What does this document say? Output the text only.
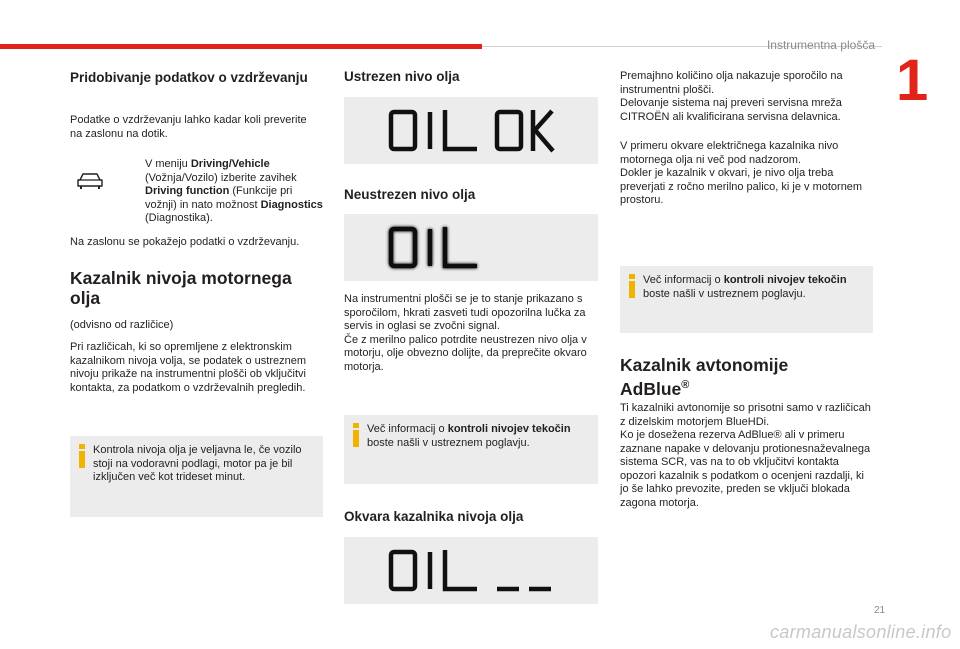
Instrumentna plošča
1
Pridobivanje podatkov o vzdrževanju

Podatke o vzdrževanju lahko kadar koli preverite na zaslonu na dotik.

V meniju Driving/Vehicle (Vožnja/Vozilo) izberite zavihek Driving function (Funkcije pri vožnji) in nato možnost Diagnostics (Diagnostika).

Na zaslonu se pokažejo podatki o vzdrževanju.

Kazalnik nivoja motornega olja

(odvisno od različice)

Pri različicah, ki so opremljene z elektronskim kazalnikom nivoja volja, se podatek o ustreznem nivoju prikaže na instrumentni plošči ob vključitvi kontakta, za podatkom o vzdrževalnih pregledih.

Kontrola nivoja olja je veljavna le, če vozilo stoji na vodoravni podlagi, motor pa je bil izključen več kot trideset minut.
Ustrezen nivo olja
Neustrezen nivo olja

Na instrumentni plošči se je to stanje prikazano s sporočilom, hkrati zasveti tudi opozorilna lučka za servis in oglasi se zvočni signal.
Če z merilno palico potrdite neustrezen nivo olja v motorju, olje obvezno dolijte, da preprečite okvaro motorja.

Več informacij o kontroli nivojev tekočin boste našli v ustreznem poglavju.
Okvara kazalnika nivoja olja

Premajhno količino olja nakazuje sporočilo na instrumentni plošči.
Delovanje sistema naj preveri servisna mreža CITROËN ali kvalificirana servisna delavnica.

V primeru okvare električnega kazalnika nivo motornega olja ni več pod nadzorom.
Dokler je kazalnik v okvari, je nivo olja treba preverjati z ročno merilno palico, ki je v motornem prostoru.

Več informacij o kontroli nivojev tekočin boste našli v ustreznem poglavju.
Kazalnik avtonomije AdBlue®

Ti kazalniki avtonomije so prisotni samo v različicah z dizelskim motorjem BlueHDi.
Ko je dosežena rezerva AdBlue® ali v primeru zaznane napake v delovanju protionesnaževalnega sistema SCR, vas na to ob vključitvi kontakta opozori kazalnik s podatkom o ocenjeni razdalji, ki jo še lahko prevozite, preden se vključi blokada zagona motorja.

21
carmanualsonline.info
